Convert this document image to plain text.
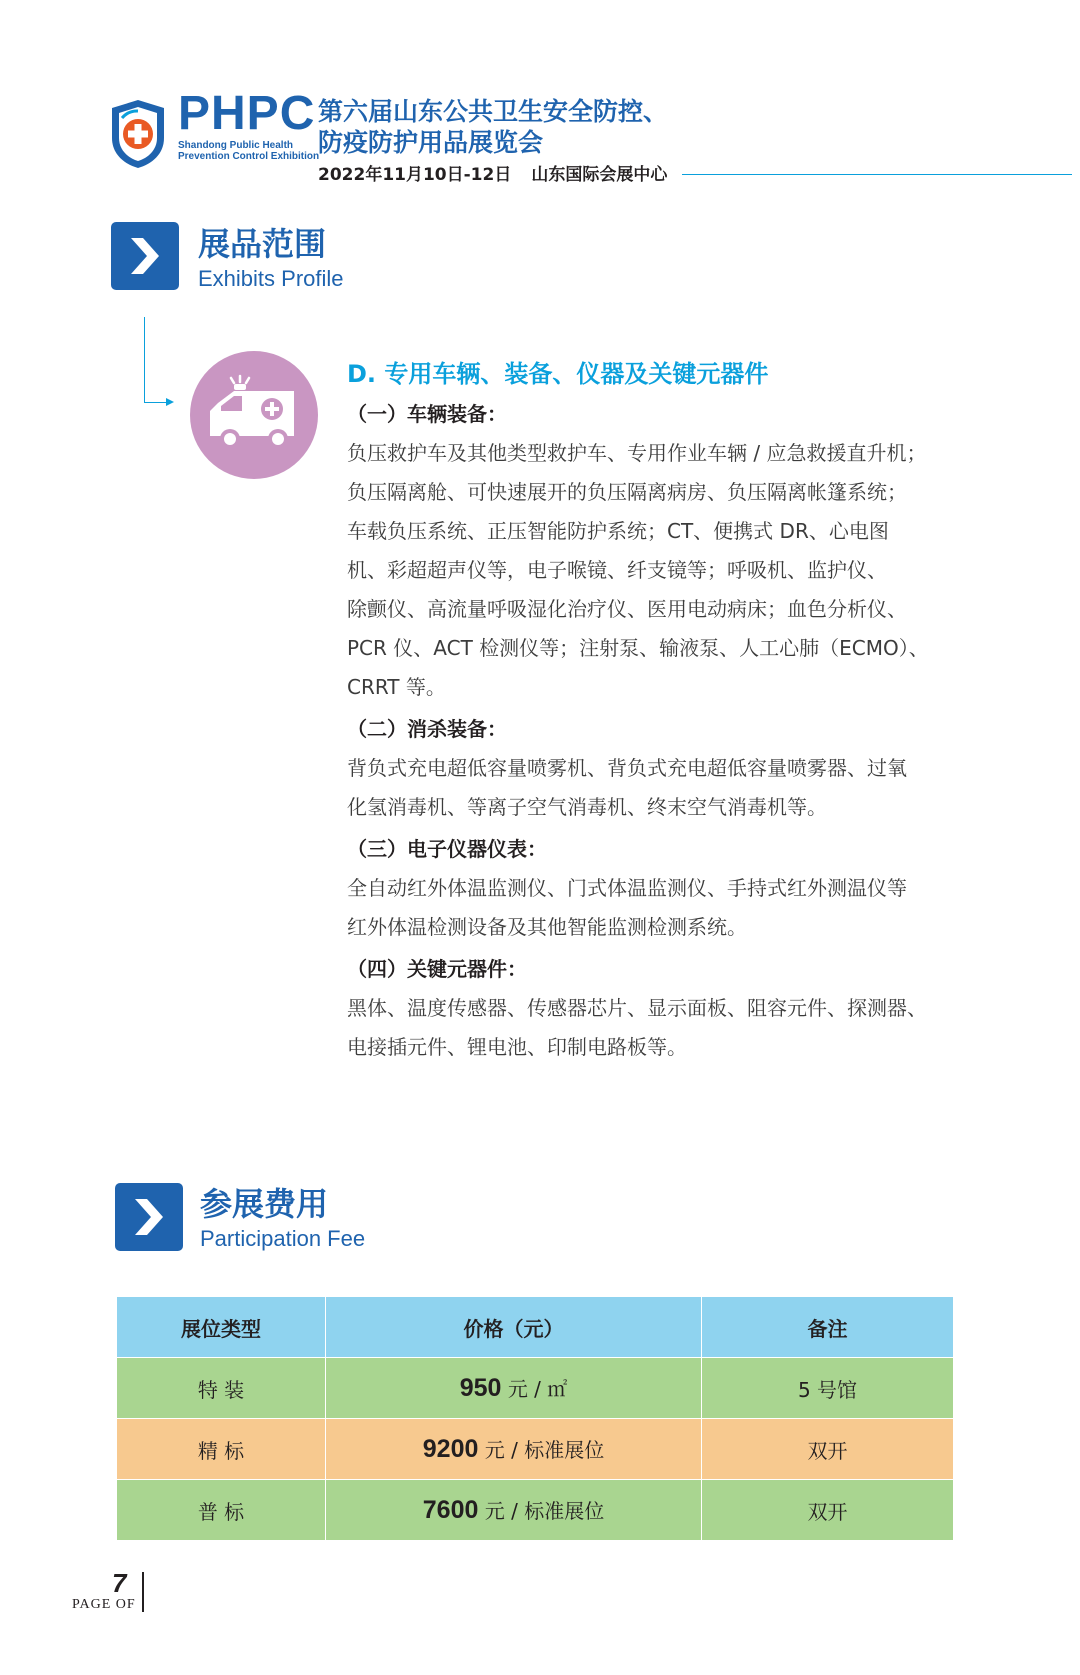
PHPC
Shandong Public Health
Prevention Control Exhibition
第六届山东公共卫生安全防控、
防疫防护用品展览会
2022年11月10日-12日 山东国际会展中心
展品范围
Exhibits Profile
D. 专用车辆、装备、仪器及关键元器件
（一）车辆装备：
负压救护车及其他类型救护车、专用作业车辆 / 应急救援直升机；
负压隔离舱、可快速展开的负压隔离病房、负压隔离帐篷系统；
车载负压系统、正压智能防护系统；CT、便携式 DR、心电图
机、彩超超声仪等，电子喉镜、纤支镜等；呼吸机、监护仪、
除颤仪、高流量呼吸湿化治疗仪、医用电动病床；血色分析仪、
PCR 仪、ACT 检测仪等；注射泵、输液泵、人工心肺（ECMO）、
CRRT 等。
（二）消杀装备：
背负式充电超低容量喷雾机、背负式充电超低容量喷雾器、过氧
化氢消毒机、等离子空气消毒机、终末空气消毒机等。
（三）电子仪器仪表：
全自动红外体温监测仪、门式体温监测仪、手持式红外测温仪等
红外体温检测设备及其他智能监测检测系统。
（四）关键元器件：
黑体、温度传感器、传感器芯片、显示面板、阻容元件、探测器、
电接插元件、锂电池、印制电路板等。
参展费用
Participation Fee
展位类型	价格（元）	备注
特 装	950 元 / ㎡	5 号馆
精 标	9200 元 / 标准展位	双开
普 标	7600 元 / 标准展位	双开
7
PAGE OF
